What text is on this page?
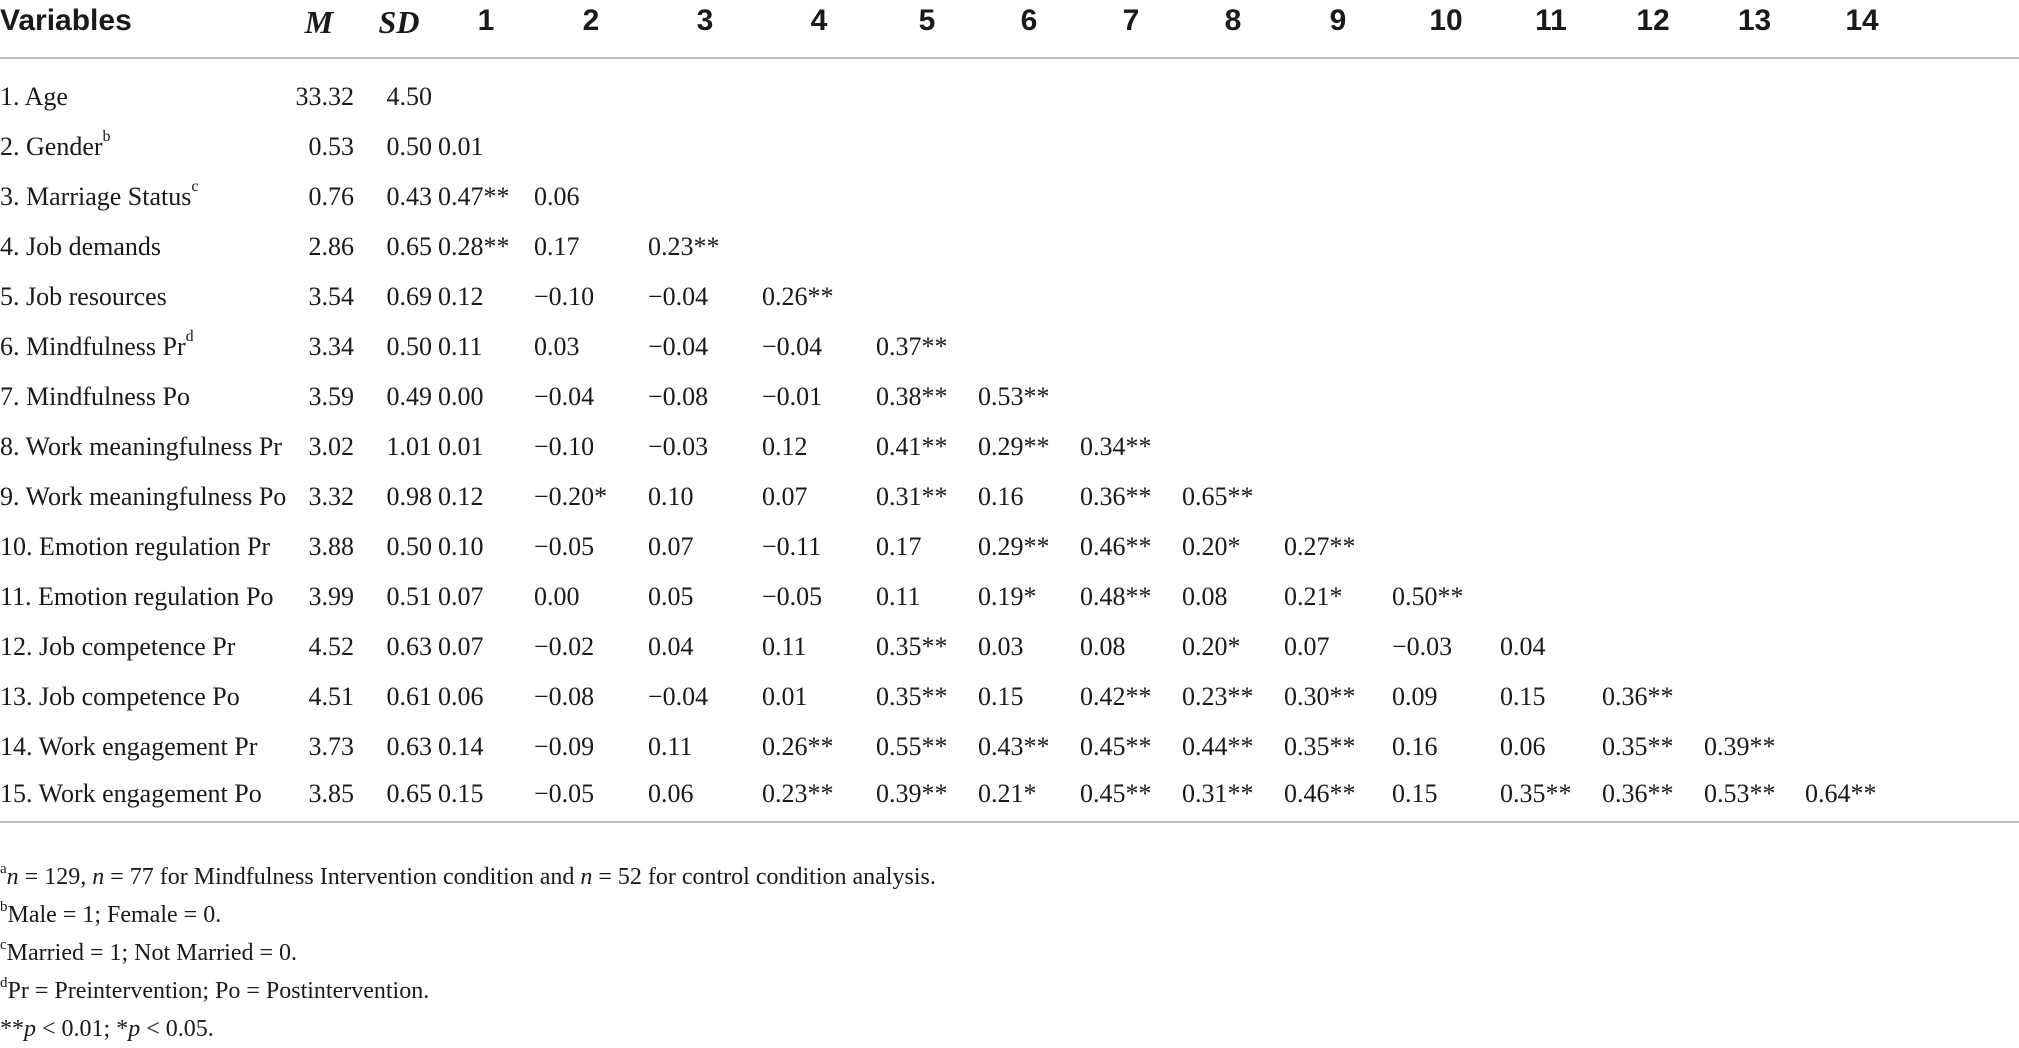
Variables	M	SD	1	2	3	4	5	6	7	8	9	10	11	12	13	14	

1. Age	33.32	4.50															
2. Gender$^b$	0.53	0.50	0.01														
3. Marriage Status$^c$	0.76	0.43	0.47**	0.06													
4. Job demands	2.86	0.65	0.28**	0.17	0.23**												
5. Job resources	3.54	0.69	0.12	−0.10	−0.04	0.26**											
6. Mindfulness Pr$^d$	3.34	0.50	0.11	0.03	−0.04	−0.04	0.37**										
7. Mindfulness Po	3.59	0.49	0.00	−0.04	−0.08	−0.01	0.38**	0.53**									
8. Work meaningfulness Pr	3.02	1.01	0.01	−0.10	−0.03	0.12	0.41**	0.29**	0.34**								
9. Work meaningfulness Po	3.32	0.98	0.12	−0.20*	0.10	0.07	0.31**	0.16	0.36**	0.65**							
10. Emotion regulation Pr	3.88	0.50	0.10	−0.05	0.07	−0.11	0.17	0.29**	0.46**	0.20*	0.27**						
11. Emotion regulation Po	3.99	0.51	0.07	0.00	0.05	−0.05	0.11	0.19*	0.48**	0.08	0.21*	0.50**					
12. Job competence Pr	4.52	0.63	0.07	−0.02	0.04	0.11	0.35**	0.03	0.08	0.20*	0.07	−0.03	0.04				
13. Job competence Po	4.51	0.61	0.06	−0.08	−0.04	0.01	0.35**	0.15	0.42**	0.23**	0.30**	0.09	0.15	0.36**			
14. Work engagement Pr	3.73	0.63	0.14	−0.09	0.11	0.26**	0.55**	0.43**	0.45**	0.44**	0.35**	0.16	0.06	0.35**	0.39**		
15. Work engagement Po	3.85	0.65	0.15	−0.05	0.06	0.23**	0.39**	0.21*	0.45**	0.31**	0.46**	0.15	0.35**	0.36**	0.53**	0.64**	
$^a$n = 129, n = 77 for Mindfulness Intervention condition and n = 52 for control condition analysis.
$^b$Male = 1; Female = 0.
$^c$Married = 1; Not Married = 0.
$^d$Pr = Preintervention; Po = Postintervention.
**p < 0.01; *p < 0.05.
